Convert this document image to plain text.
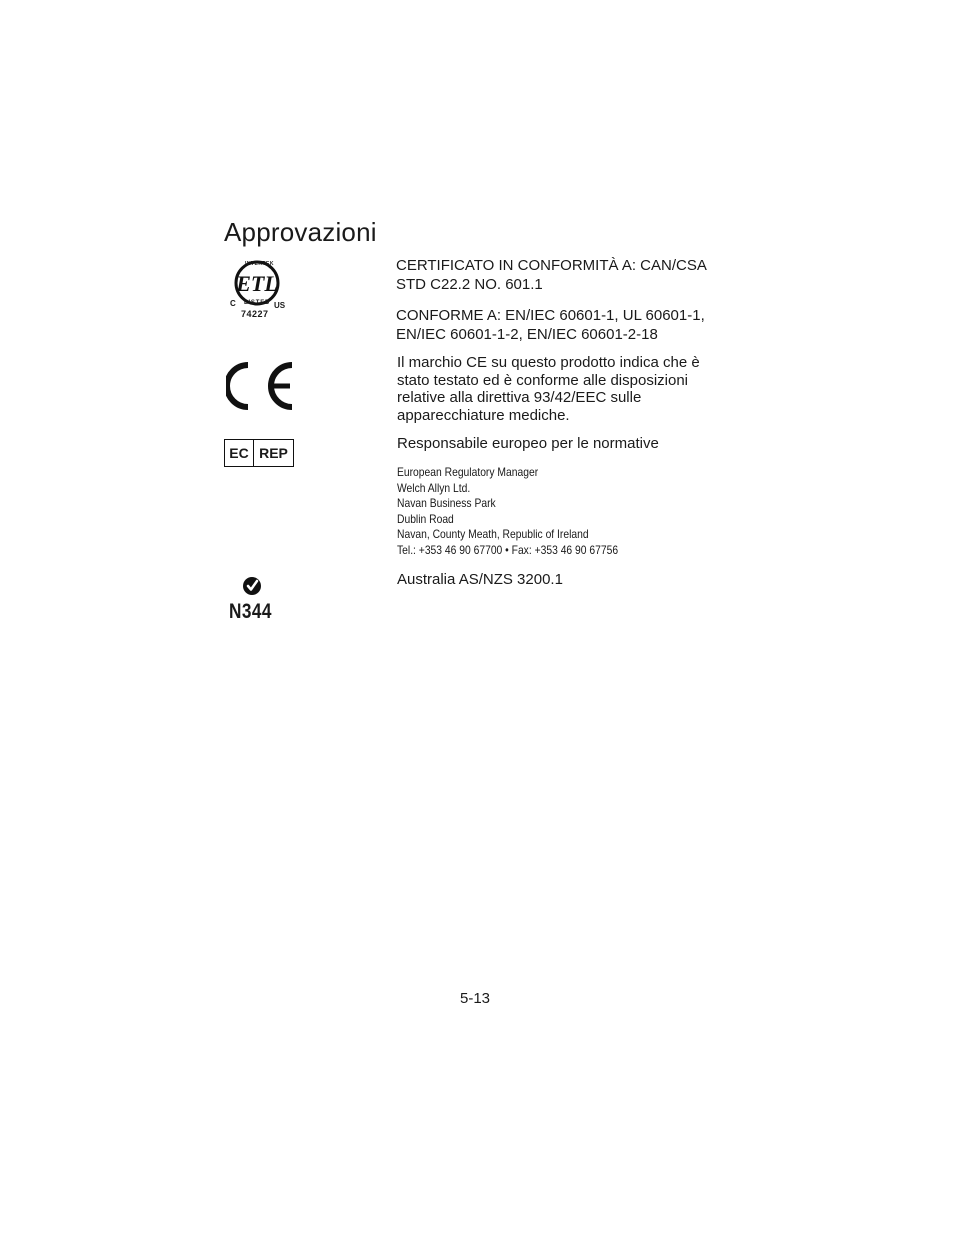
Approvazioni
ETL
INTERTEK
C	US
LISTED
74227
CERTIFICATO IN CONFORMITÀ A: CAN/CSA STD C22.2 NO. 601.1
CONFORME A: EN/IEC 60601-1, UL 60601-1, EN/IEC 60601-1-2, EN/IEC 60601-2-18
Il marchio CE su questo prodotto indica che è stato testato ed è conforme alle disposizioni relative alla direttiva 93/42/EEC sulle apparecchiature mediche.
EC REP
Responsabile europeo per le normative
European Regulatory Manager
Welch Allyn Ltd.
Navan Business Park
Dublin Road
Navan, County Meath, Republic of Ireland
Tel.: +353 46 90 67700 • Fax: +353 46 90 67756
N344
Australia AS/NZS 3200.1
5-13
